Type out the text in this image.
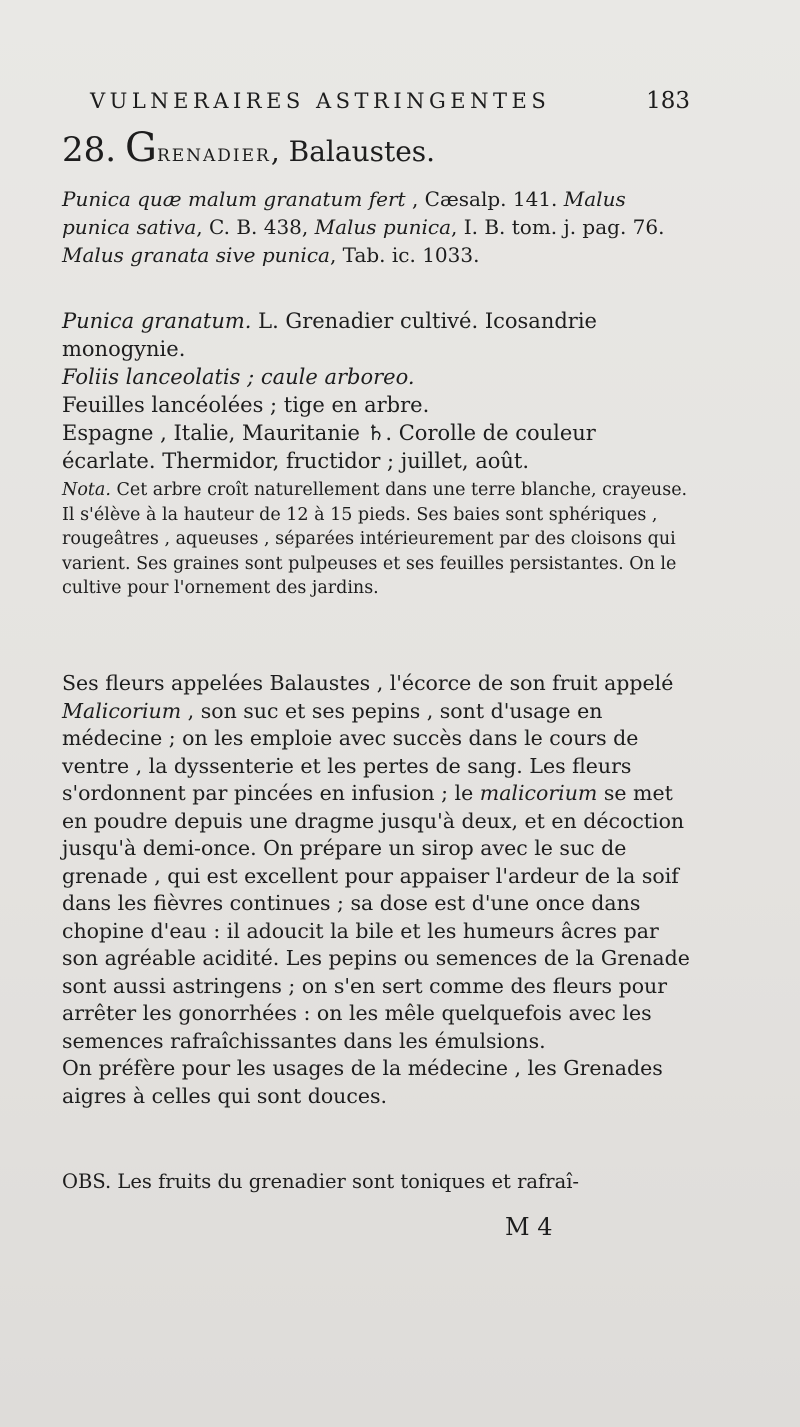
VULNERAIRES ASTRINGENTES	183
28. GRENADIER, Balaustes.

Punica quæ malum granatum fert , Cæsalp. 141. Malus punica sativa, C. B. 438, Malus punica, I. B. tom. j. pag. 76. Malus granata sive punica, Tab. ic. 1033.

Punica granatum. L. Grenadier cultivé. Icosandrie monogynie.

Foliis lanceolatis ; caule arboreo.

Feuilles lancéolées ; tige en arbre.

Espagne , Italie, Mauritanie ♄. Corolle de couleur écarlate. Thermidor, fructidor ; juillet, août.

Nota. Cet arbre croît naturellement dans une terre blanche, crayeuse. Il s'élève à la hauteur de 12 à 15 pieds. Ses baies sont sphériques , rougeâtres , aqueuses , séparées intérieurement par des cloisons qui varient. Ses graines sont pulpeuses et ses feuilles persistantes. On le cultive pour l'ornement des jardins.

Ses fleurs appelées Balaustes , l'écorce de son fruit appelé Malicorium , son suc et ses pepins , sont d'usage en médecine ; on les emploie avec succès dans le cours de ventre , la dyssenterie et les pertes de sang. Les fleurs s'ordonnent par pincées en infusion ; le malicorium se met en poudre depuis une dragme jusqu'à deux, et en décoction jusqu'à demi-once. On prépare un sirop avec le suc de grenade , qui est excellent pour appaiser l'ardeur de la soif dans les fièvres continues ; sa dose est d'une once dans chopine d'eau : il adoucit la bile et les humeurs âcres par son agréable acidité. Les pepins ou semences de la Grenade sont aussi astringens ; on s'en sert comme des fleurs pour arrêter les gonorrhées : on les mêle quelquefois avec les semences rafraîchissantes dans les émulsions.

On préfère pour les usages de la médecine , les Grenades aigres à celles qui sont douces.

OBS. Les fruits du grenadier sont toniques et rafraî-

M 4
